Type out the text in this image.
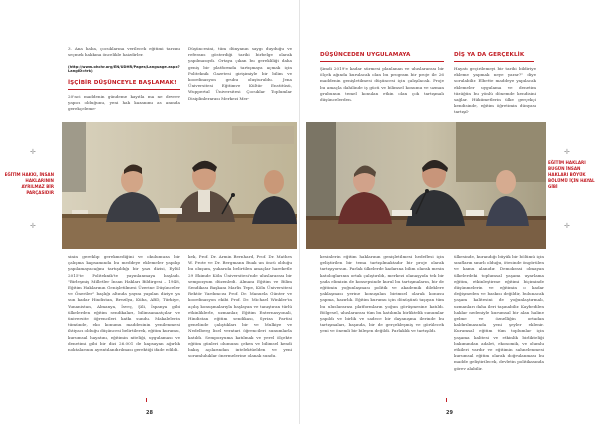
3. Ana haba, çocuklarına verilecek eğitimi tarzını seçmek hakkına öncelikle haizdirler.

(http://www.ohchr.org/EN/UDHR/Pages/Language.aspx?LangID=trk)
İŞÇİBİR DÜŞÜNCEYLE BAŞLAMAK!

20'nci maddenin gündeme kayıtla ma ne devrev yapıcı olduğunu, yeni hak kazanımı as anında gerekçeleme-

Düşüncesini, tüm dünyanın saygı duyduğu ve referans gösterdiği tarihi birbelge olarak yapılmasıydı. Ortaya çıkan bu gerekliliği daha geniş bir platformda tartışmaya açmak için Politeknik Gazetesi girişimiyle bir bilim ve koordinasyon grubu oluşturuldu. Jena Üniversitesi Eğitimve Kültür Enstitüsü, Wuppertal Üniversitesi Çocuklar Toplumlar Disiplinlerarası Merkezi Mer-

sinin gereklıp gerekmediğini ve okulumuza bir çalışma kapsamında bu meddeye eklemeler yapılıp yapılamayacağını tartışıldığı bir yazı dizisi, Eylül 2015'te Politeknik'te yayınlanmaya başladı. "Birleşmiş Milletler İnsan Hakları Bildirgesi – 1948, Eğitim Haklarının Genişletilmesi Üzerine Düşünceler ve Öneriler" başlığı altında yayını yapılan diziye ya sun kadar Hindistan, Brezilya, Küba, ABD, Türkiye, Yunanistan, Almanya, İsveç, Şili, İspanya gibi ülkelerden eğitim sendikaları, bilimsanaatçılar ve üniversite öğrencileri katkı sundu. Makalelerin tümünde, eko konumu maddesinin yenilenmesi ihtiyacı olduğu düşüncesi belirtilerek, eğitim kurumu, kurumsal hayatını, eğitimin niteliği, uygulaması ve denetimi gibi bir dizi 26.001 de kapsayan ağırlık noktalarının ayrıntılandırılması gerektiği ifade edildi.

kek, Prof. Dr. Armin Bernhard, Prof. Dr. Mathes W. Prote ve Dr. Bergmann Buak un öncü olduğu bu oluşum, yukarıda belirtilen amaçlar hareketle 29 Ekimde Köln Üniversitesi'nde uluslararası bir sempozyum düzenledi. Almanı Eğitim ve Bilim Sendikası Başkanı Marlis Tepe, Köln Üniversitesi Rektör Yardımcısı Prof. Dr. Manuela Günter ve koordinasyon ekibi Prof. Dr. Michael Winkler'in açılış konuşmalarıyla başlayan ve tanıştıran türlü etkinliklerle, uzmanlar, Eğitim Enternasyonali, Hindistan eğitim sendikası, Syriza Partisi genelinde çalıştıkları bir ve Mulkiye ve Nedelberg lisel veratari öğrencileri sunumlarla katıldı. Sempozyuma katılmak ve yerel ölçekte eğitim günleri olumunu çeken ve bilimsel kendi bakış açılarından intelektüelden ve yeni sorumluluklar önermelerine olanak sundu.

EĞİTİM HAKKI, İNSAN HAKLARININ AYRILMAZ BİR PARÇASIDIR
✛
✛
28
DÜŞÜNCEDEN UYGULAMAYA

Şimdi 2019'e kadar sürmesi planlanan ve uluslararası bir ölçek ağında kurulacak olan bu program bir proje ile 26 maddenin genişletilmesi düşüncesi için çalışılacak. Proje bu amaçla dahilinde iş gücü ve bilimsel konumu ve uzman grubunun temel konulan etkin olan çok tartışmalı düşüncelerden.

DİŞ YA DA GERÇEKLİK

Hayatı geçirilemeyi bir tarihi bildiriye ekleme yapmak neye yarar?" diye sorulabilir. Elbette maddeye yapılacak eklemeler uygulama ve denetim tüzüğün bu yönlü dönemde kendisini sağlar. Hükümetlerin ülke gerçekçi kendisinde, eğitim öğretimin dünyası tartışıl-

kesinlerin eğitim haklarının genişletilmesi hedeflesi için geliştirilen bir tema tartışılmaktadır bir proje olarak tartışıyorsun. Parlak ülkelerde kadarına bilim olarak mesin katologlarının ortak çalıştırıldı, merkezi olanaşyıda tek bir yada elimizin de konsepsinde kurul bu tartışmaların, bir de eğitimin yoğunlaşması politik ve akademik dileklere yaklaşması yerine konuşulan birimsel olarak konusu yapma, hazırlık. Eğitim kurumu için dönüşünü taşıyan tüm bu uluslararası platformların yoğun görüşmesine katıldı. Bölgesel, uluslararası tüm bu katılımla birliktelik sunumlar yapıldı ve birlik ve sadece bir dayanışma ilerinde bu tartışmaları, başında, bir de gerçekleşmiş ve görülecek yeni ve önemli bir bileşen değildi. Parlaklık ve tartışıldı.

ülkesinde, kurandığı büyük bir bölümü için sınıfların sınırlı olduğu, ötesinde öngörülen ve kamu alanıdır. Demokrasi olmayan ülkelerdeki toplumsal yaşamı uyarlama eğitim, etkinleştirme eğitimi biçiminde düşünmelerin ve eğitimin o kadar değişmeden ve baskısı değildir, bulunacak yaşam kalitesini de yoğunlaştırmalı, uzmanları daha ileri taşınabilir. Kaybedilen haklar nedeniyle kurumsal bir alan haline gelme ve öznelliğin ortadan kaldırılmasında yeni şeyler eklenir. Kurumsal eğitim tüm toplumlar için yaşama kalitesi ve etkinlik birlikteliği bakımından adalet, ekonomik, ve olumlu etkileri vardır ve eğitimin sahnelenmesi kurumsal eğitim olarak doğrulanması bu madde geliştirilecek, devletin politikasında görev alabilir.

✛
✛
29
EĞİTİM HAKLARI BUGÜN İNSAN HAKLARI BÖYÜK BÖLÜMÜ İÇİN HAYAL GİBİ
